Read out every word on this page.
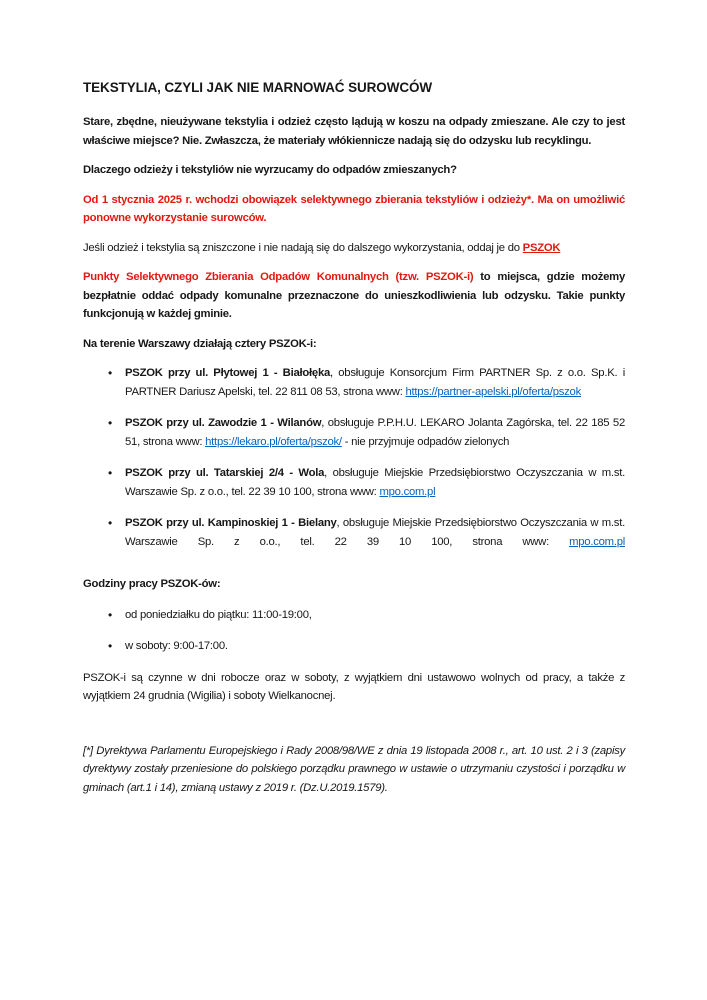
TEKSTYLIA, CZYLI JAK NIE MARNOWAĆ SUROWCÓW

Stare, zbędne, nieużywane tekstylia i odzież często lądują w koszu na odpady zmieszane. Ale czy to jest właściwe miejsce? Nie. Zwłaszcza, że materiały włókiennicze nadają się do odzysku lub recyklingu.

Dlaczego odzieży i tekstyliów nie wyrzucamy do odpadów zmieszanych?

Od 1 stycznia 2025 r. wchodzi obowiązek selektywnego zbierania tekstyliów i odzieży*. Ma on umożliwić ponowne wykorzystanie surowców.

Jeśli odzież i tekstylia są zniszczone i nie nadają się do dalszego wykorzystania, oddaj je do PSZOK

Punkty Selektywnego Zbierania Odpadów Komunalnych (tzw. PSZOK-i) to miejsca, gdzie możemy bezpłatnie oddać odpady komunalne przeznaczone do unieszkodliwienia lub odzysku. Takie punkty funkcjonują w każdej gminie.

Na terenie Warszawy działają cztery PSZOK-i:

• PSZOK przy ul. Płytowej 1 - Białołęka, obsługuje Konsorcjum Firm PARTNER Sp. z o.o. Sp.K. i PARTNER Dariusz Apelski, tel. 22 811 08 53, strona www: https://partner-apelski.pl/oferta/pszok
• PSZOK przy ul. Zawodzie 1 - Wilanów, obsługuje P.P.H.U. LEKARO Jolanta Zagórska, tel. 22 185 52 51, strona www: https://lekaro.pl/oferta/pszok/ - nie przyjmuje odpadów zielonych
• PSZOK przy ul. Tatarskiej 2/4 - Wola, obsługuje Miejskie Przedsiębiorstwo Oczyszczania w m.st. Warszawie Sp. z o.o., tel. 22 39 10 100, strona www: mpo.com.pl
• PSZOK przy ul. Kampinoskiej 1 - Bielany, obsługuje Miejskie Przedsiębiorstwo Oczyszczania w m.st. Warszawie Sp. z o.o., tel. 22 39 10 100, strona www: mpo.com.pl

Godziny pracy PSZOK-ów:

• od poniedziałku do piątku: 11:00-19:00,
• w soboty: 9:00-17:00.

PSZOK-i są czynne w dni robocze oraz w soboty, z wyjątkiem dni ustawowo wolnych od pracy, a także z wyjątkiem 24 grudnia (Wigilia) i soboty Wielkanocnej.

[*] Dyrektywa Parlamentu Europejskiego i Rady 2008/98/WE z dnia 19 listopada 2008 r., art. 10 ust. 2 i 3 (zapisy dyrektywy zostały przeniesione do polskiego porządku prawnego w ustawie o utrzymaniu czystości i porządku w gminach (art.1 i 14), zmianą ustawy z 2019 r. (Dz.U.2019.1579).
